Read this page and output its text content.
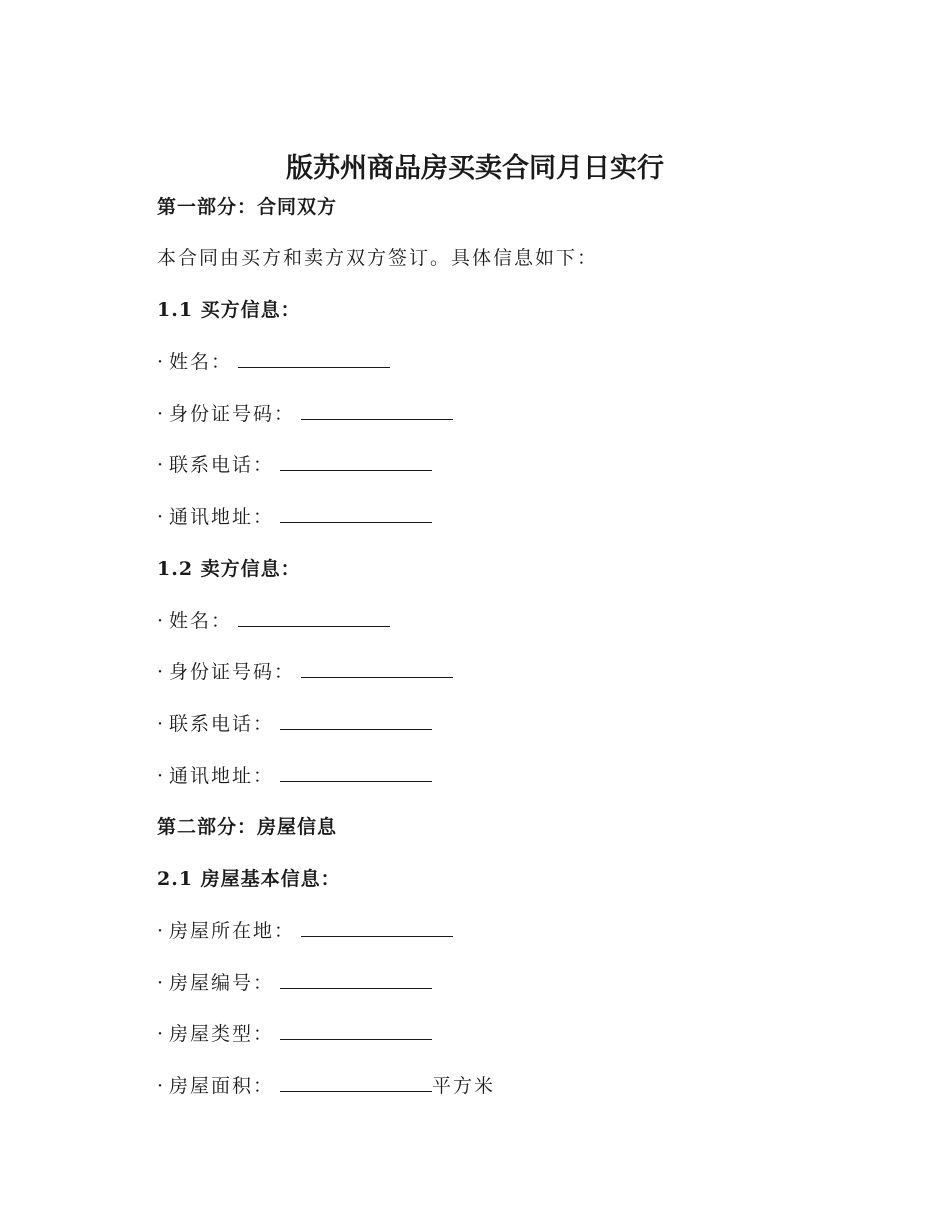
版苏州商品房买卖合同月日实行
第一部分：合同双方
本合同由买方和卖方双方签订。具体信息如下：
1.1 买方信息：
· 姓名：
· 身份证号码：
· 联系电话：
· 通讯地址：
1.2 卖方信息：
· 姓名：
· 身份证号码：
· 联系电话：
· 通讯地址：
第二部分：房屋信息
2.1 房屋基本信息：
· 房屋所在地：
· 房屋编号：
· 房屋类型：
· 房屋面积：	平方米
